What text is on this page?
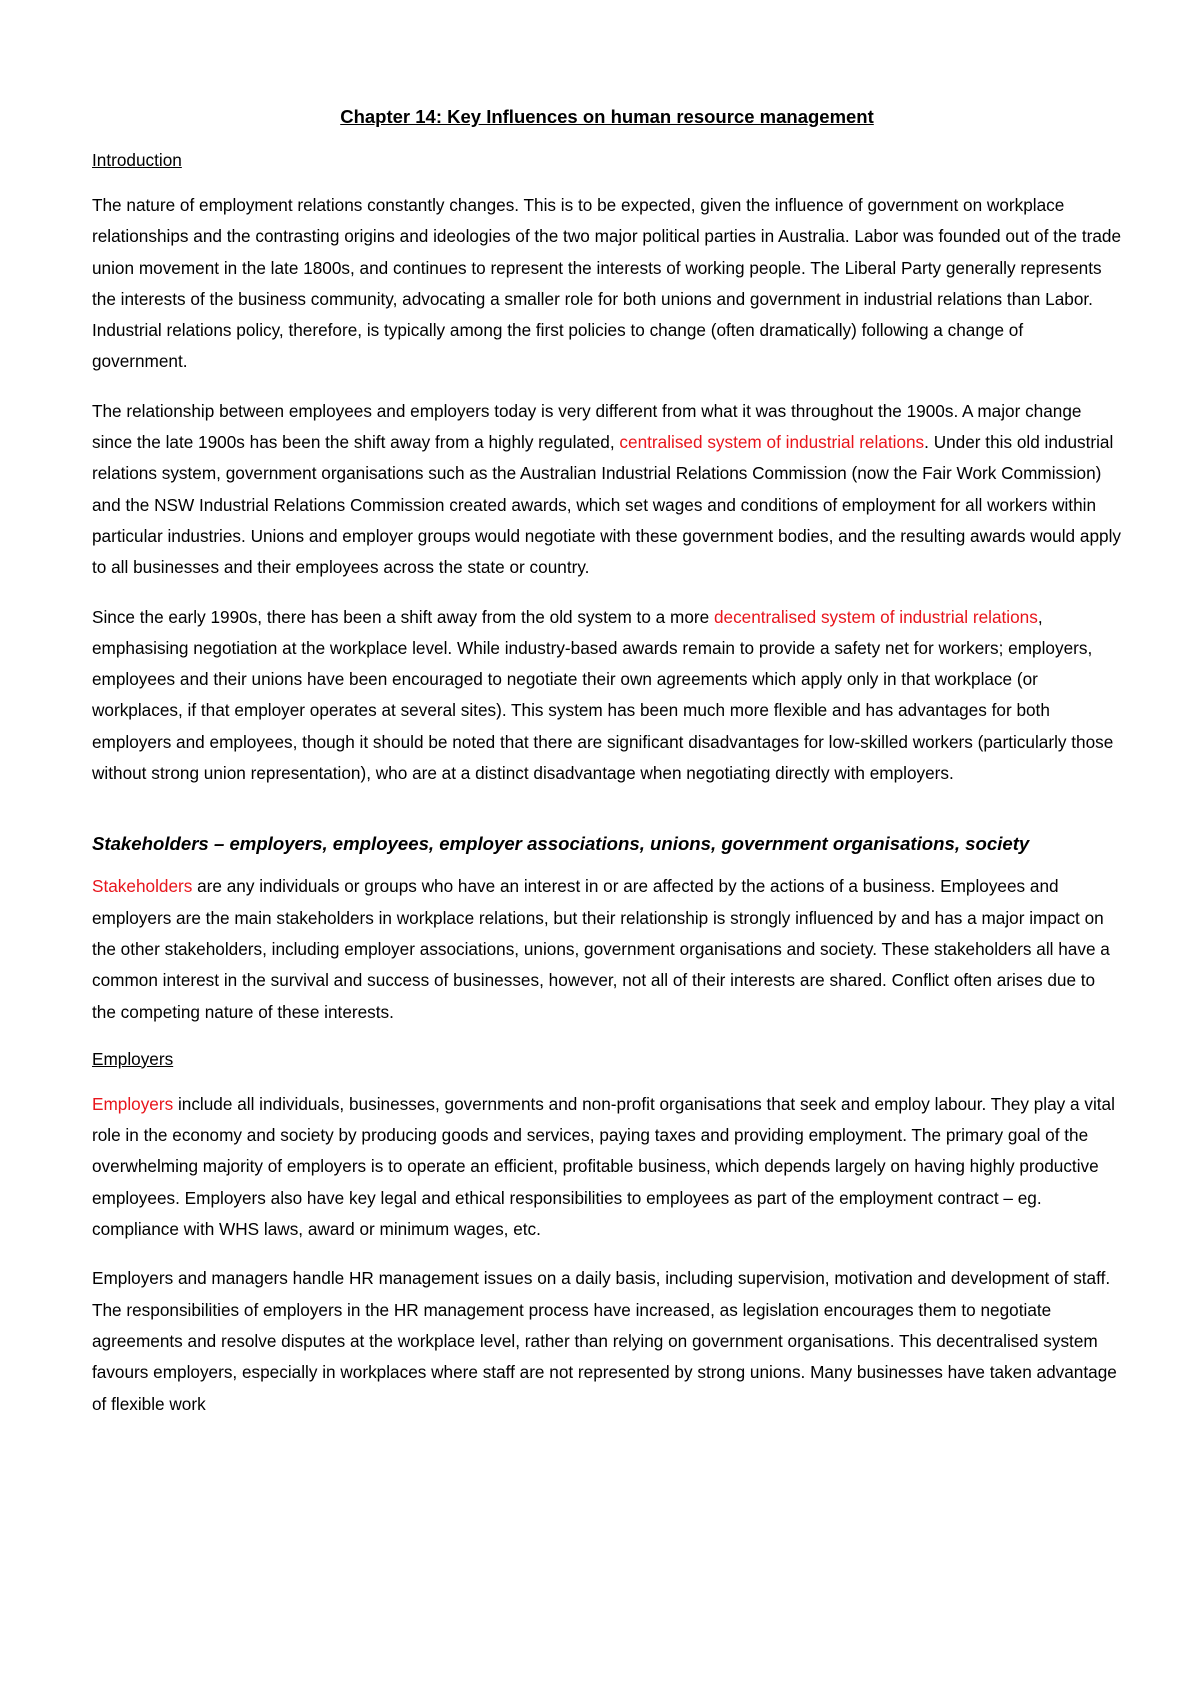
Chapter 14: Key Influences on human resource management
Introduction

The nature of employment relations constantly changes. This is to be expected, given the influence of government on workplace relationships and the contrasting origins and ideologies of the two major political parties in Australia. Labor was founded out of the trade union movement in the late 1800s, and continues to represent the interests of working people. The Liberal Party generally represents the interests of the business community, advocating a smaller role for both unions and government in industrial relations than Labor. Industrial relations policy, therefore, is typically among the first policies to change (often dramatically) following a change of government.

The relationship between employees and employers today is very different from what it was throughout the 1900s. A major change since the late 1900s has been the shift away from a highly regulated, centralised system of industrial relations. Under this old industrial relations system, government organisations such as the Australian Industrial Relations Commission (now the Fair Work Commission) and the NSW Industrial Relations Commission created awards, which set wages and conditions of employment for all workers within particular industries. Unions and employer groups would negotiate with these government bodies, and the resulting awards would apply to all businesses and their employees across the state or country.

Since the early 1990s, there has been a shift away from the old system to a more decentralised system of industrial relations, emphasising negotiation at the workplace level. While industry-based awards remain to provide a safety net for workers; employers, employees and their unions have been encouraged to negotiate their own agreements which apply only in that workplace (or workplaces, if that employer operates at several sites). This system has been much more flexible and has advantages for both employers and employees, though it should be noted that there are significant disadvantages for low-skilled workers (particularly those without strong union representation), who are at a distinct disadvantage when negotiating directly with employers.

Stakeholders – employers, employees, employer associations, unions, government organisations, society

Stakeholders are any individuals or groups who have an interest in or are affected by the actions of a business. Employees and employers are the main stakeholders in workplace relations, but their relationship is strongly influenced by and has a major impact on the other stakeholders, including employer associations, unions, government organisations and society. These stakeholders all have a common interest in the survival and success of businesses, however, not all of their interests are shared. Conflict often arises due to the competing nature of these interests.

Employers

Employers include all individuals, businesses, governments and non-profit organisations that seek and employ labour. They play a vital role in the economy and society by producing goods and services, paying taxes and providing employment. The primary goal of the overwhelming majority of employers is to operate an efficient, profitable business, which depends largely on having highly productive employees. Employers also have key legal and ethical responsibilities to employees as part of the employment contract – eg. compliance with WHS laws, award or minimum wages, etc.

Employers and managers handle HR management issues on a daily basis, including supervision, motivation and development of staff. The responsibilities of employers in the HR management process have increased, as legislation encourages them to negotiate agreements and resolve disputes at the workplace level, rather than relying on government organisations. This decentralised system favours employers, especially in workplaces where staff are not represented by strong unions. Many businesses have taken advantage of flexible work
